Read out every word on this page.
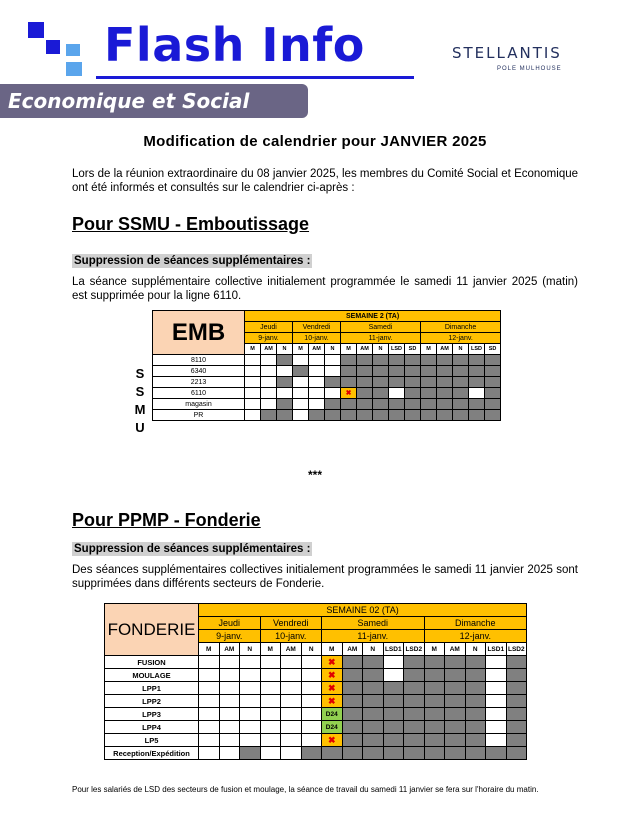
Flash Info
Economique et Social
STELLANTIS
POLE MULHOUSE
Modification de calendrier pour JANVIER 2025
Lors de la réunion extraordinaire du 08 janvier 2025, les membres du Comité Social et Economique ont été informés et consultés sur le calendrier ci-après :
Pour SSMU - Emboutissage
Suppression de séances supplémentaires :
La séance supplémentaire collective initialement programmée le samedi 11 janvier 2025 (matin) est supprimée pour la ligne 6110.
S
S
M
U
EMB	SEMAINE 2 (TA)															
	Jeudi			Vendredi			Samedi					Dimanche				
	9-janv.			10-janv.			11-janv.					12-janv.				
	M	AM	N	M	AM	N	M	AM	N	LSD	SD	M	AM	N	LSD	SD
8110																
6340																
2213																
6110							✖									
magasin																
PR																
***
Pour PPMP - Fonderie
Suppression de séances supplémentaires :
Des séances supplémentaires collectives initialement programmées le samedi 11 janvier 2025 sont supprimées dans différents secteurs de Fonderie.
FONDERIE	SEMAINE 02 (TA)															
	Jeudi			Vendredi			Samedi					Dimanche				
	9-janv.			10-janv.			11-janv.					12-janv.				
	M	AM	N	M	AM	N	M	AM	N	LSD1	LSD2	M	AM	N	LSD1	LSD2
FUSION							✖									
MOULAGE							✖									
LPP1							✖									
LPP2							✖									
LPP3							D24									
LPP4							D24									
LP5							✖									
Reception/Expédition																
Pour les salariés de LSD des secteurs de fusion et moulage, la séance de travail du samedi 11 janvier se fera sur l'horaire du matin.
